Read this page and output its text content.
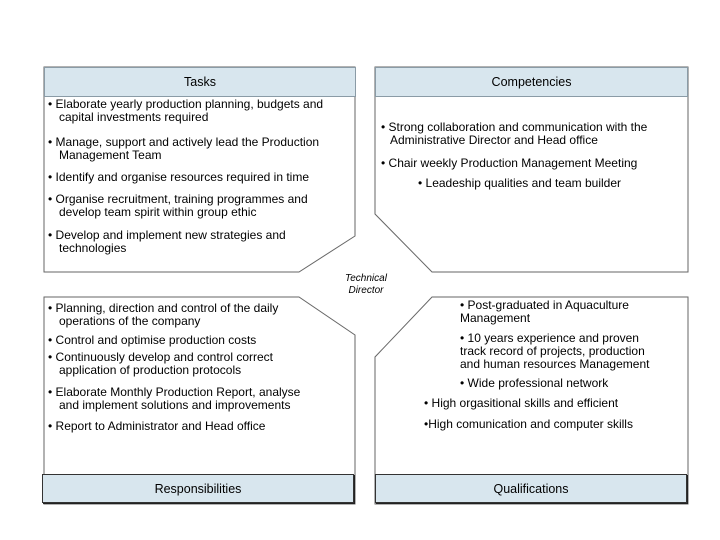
Tasks	Competencies
Responsibilities	Qualifications
• Elaborate yearly production planning, budgets and
capital investments required
• Manage, support and actively lead the Production
Management Team
• Identify and organise resources required in time
• Organise recruitment, training programmes and
develop team spirit within group ethic
• Develop and implement new strategies and
technologies
• Strong collaboration and communication with the
Administrative Director and Head office
• Chair weekly Production Management Meeting
• Leadeship qualities and team builder
Technical
Director
• Planning, direction and control of the daily
operations of the company
• Control and optimise production costs
• Continuously develop and control correct
application of production protocols
• Elaborate Monthly Production Report, analyse
and implement solutions and improvements
• Report to Administrator and Head office
• Post-graduated in Aquaculture
Management
• 10 years experience and proven
track record of projects, production
and human resources Management
• Wide professional network
• High orgasitional skills and efficient
•High comunication and computer skills
